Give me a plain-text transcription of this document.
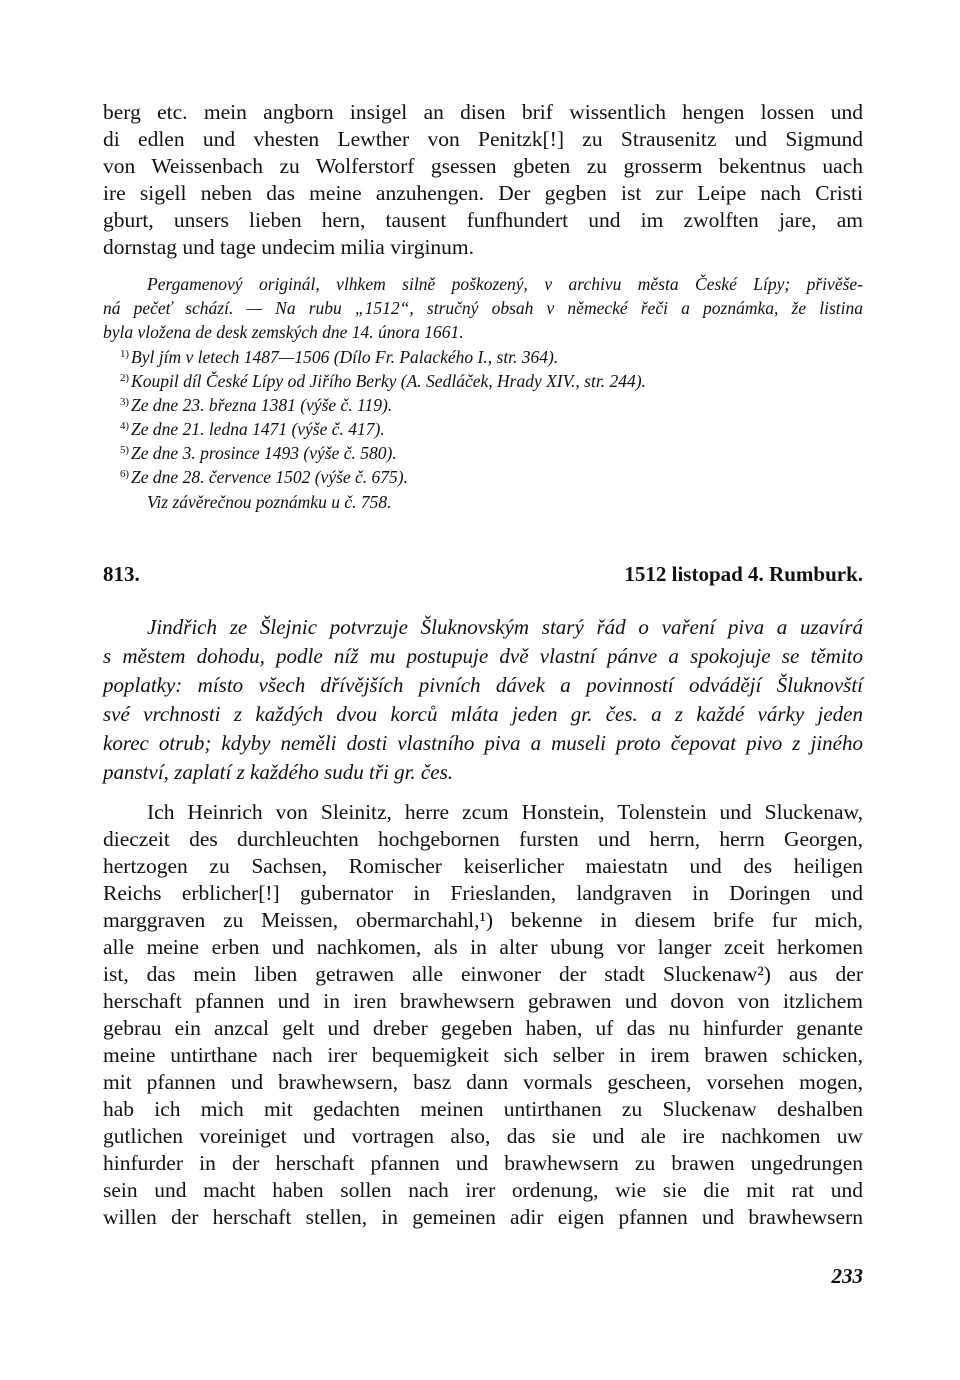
berg etc. mein angborn insigel an disen brif wissentlich hengen lossen und
di edlen und vhesten Lewther von Penitzk[!] zu Strausenitz und Sigmund
von Weissenbach zu Wolferstorf gsessen gbeten zu grosserm bekentnus uach
ire sigell neben das meine anzuhengen. Der gegben ist zur Leipe nach Cristi
gburt, unsers lieben hern, tausent funfhundert und im zwolften jare, am
dornstag und tage undecim milia virginum.
Pergamenový originál, vlhkem silně poškozený, v archivu města České Lípy; přivěše-
ná pečeť schází. — Na rubu „1512“, stručný obsah v německé řeči a poznámka, že listina
byla vložena de desk zemských dne 14. února 1661.
$^{1)}$ Byl jím v letech 1487—1506 (Dílo Fr. Palackého I., str. 364).
$^{2)}$ Koupil díl České Lípy od Jiřího Berky (A. Sedláček, Hrady XIV., str. 244).
$^{3)}$ Ze dne 23. března 1381 (výše č. 119).
$^{4)}$ Ze dne 21. ledna 1471 (výše č. 417).
$^{5)}$ Ze dne 3. prosince 1493 (výše č. 580).
$^{6)}$ Ze dne 28. července 1502 (výše č. 675).
Viz závěrečnou poznámku u č. 758.
813.	1512 listopad 4. Rumburk.
Jindřich ze Šlejnic potvrzuje Šluknovským starý řád o vaření piva a uzavírá
s městem dohodu, podle níž mu postupuje dvě vlastní pánve a spokojuje se těmito
poplatky: místo všech dřívějších pivních dávek a povinností odvádějí Šluknovští
své vrchnosti z každých dvou korců mláta jeden gr. čes. a z každé várky jeden
korec otrub; kdyby neměli dosti vlastního piva a museli proto čepovat pivo z jiného
panství, zaplatí z každého sudu tři gr. čes.
Ich Heinrich von Sleinitz, herre zcum Honstein, Tolenstein und Sluckenaw,
dieczeit des durchleuchten hochgebornen fursten und herrn, herrn Georgen,
hertzogen zu Sachsen, Romischer keiserlicher maiestatn und des heiligen
Reichs erblicher[!] gubernator in Frieslanden, landgraven in Doringen und
marggraven zu Meissen, obermarchahl,¹) bekenne in diesem brife fur mich,
alle meine erben und nachkomen, als in alter ubung vor langer zceit herkomen
ist, das mein liben getrawen alle einwoner der stadt Sluckenaw²) aus der
herschaft pfannen und in iren brawhewsern gebrawen und dovon von itzlichem
gebrau ein anzcal gelt und dreber gegeben haben, uf das nu hinfurder genante
meine untirthane nach irer bequemigkeit sich selber in irem brawen schicken,
mit pfannen und brawhewsern, basz dann vormals gescheen, vorsehen mogen,
hab ich mich mit gedachten meinen untirthanen zu Sluckenaw deshalben
gutlichen voreiniget und vortragen also, das sie und ale ire nachkomen uw
hinfurder in der herschaft pfannen und brawhewsern zu brawen ungedrungen
sein und macht haben sollen nach irer ordenung, wie sie die mit rat und
willen der herschaft stellen, in gemeinen adir eigen pfannen und brawhewsern
233
